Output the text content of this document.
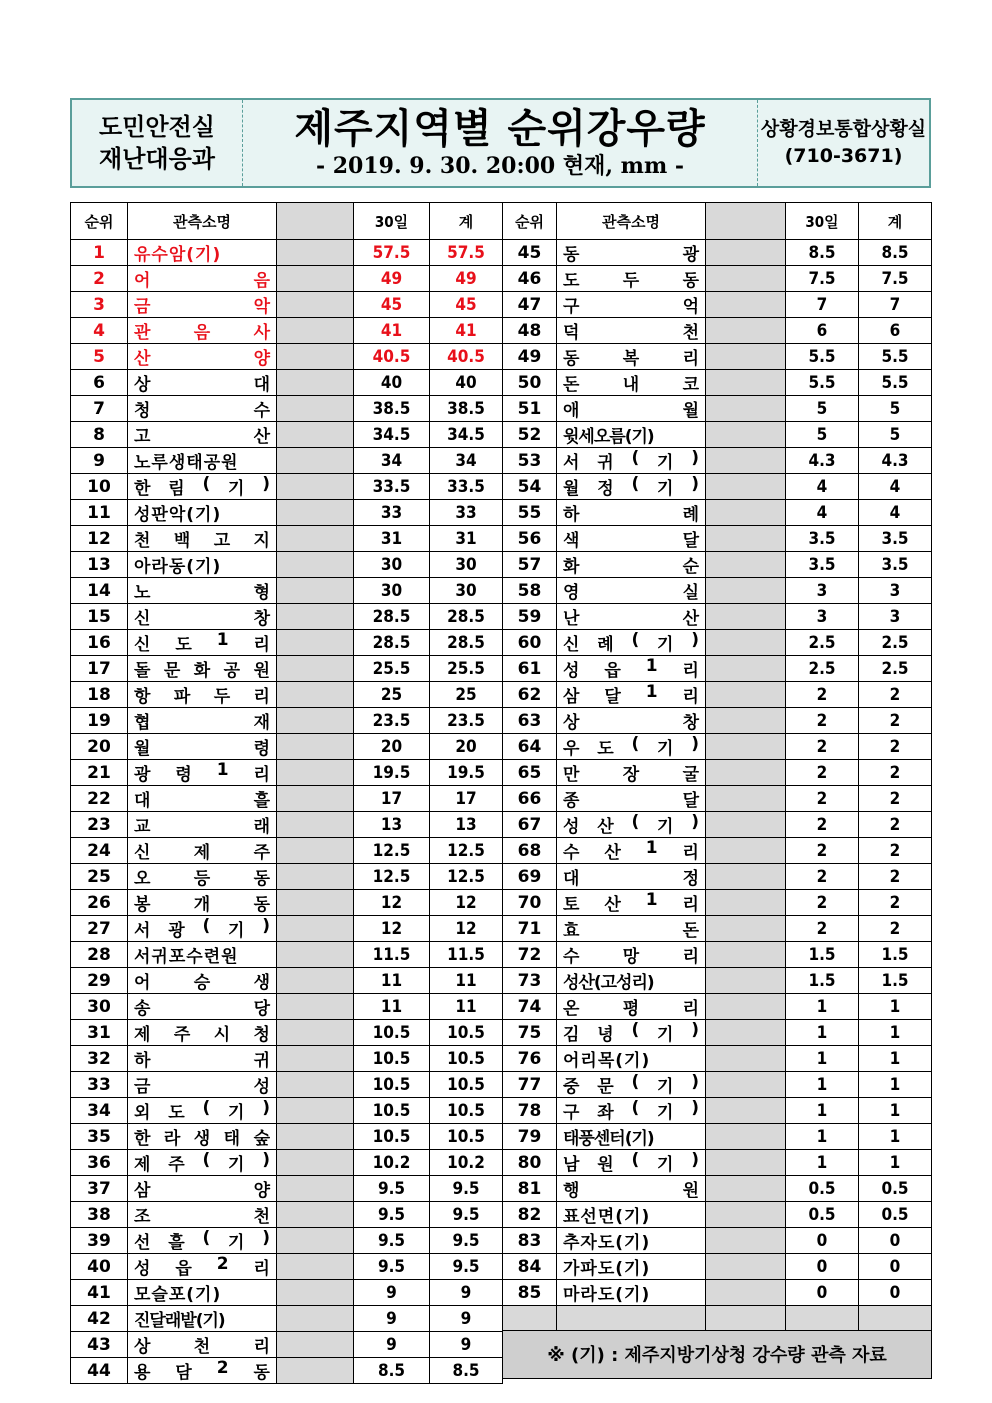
도민안전실
재난대응과
제주지역별 순위강우량
- 2019. 9. 30. 20:00 현재, mm -
상황경보통합상황실
(710-3671)
순위	관측소명		30일	계
1	유수암(기)		57.5	57.5
2	어 음		49	49
3	금 악		45	45
4	관 음 사		41	41
5	산 양		40.5	40.5
6	상 대		40	40
7	청 수		38.5	38.5
8	고 산		34.5	34.5
9	노루생태공원		34	34
10	한 림 ( 기 )		33.5	33.5
11	성판악(기)		33	33
12	천 백 고 지		31	31
13	아라동(기)		30	30
14	노 형		30	30
15	신 창		28.5	28.5
16	신 도 1 리		28.5	28.5
17	돌 문 화 공 원		25.5	25.5
18	항 파 두 리		25	25
19	협 재		23.5	23.5
20	월 령		20	20
21	광 령 1 리		19.5	19.5
22	대 흘		17	17
23	교 래		13	13
24	신 제 주		12.5	12.5
25	오 등 동		12.5	12.5
26	봉 개 동		12	12
27	서 광 ( 기 )		12	12
28	서귀포수련원		11.5	11.5
29	어 승 생		11	11
30	송 당		11	11
31	제 주 시 청		10.5	10.5
32	하 귀		10.5	10.5
33	금 성		10.5	10.5
34	외 도 ( 기 )		10.5	10.5
35	한 라 생 태 숲		10.5	10.5
36	제 주 ( 기 )		10.2	10.2
37	삼 양		9.5	9.5
38	조 천		9.5	9.5
39	선 흘 ( 기 )		9.5	9.5
40	성 읍 2 리		9.5	9.5
41	모슬포(기)		9	9
42	진달래밭(기)		9	9
43	상 천 리		9	9
44	용 담 2 동		8.5	8.5
순위	관측소명		30일	계
45	동 광		8.5	8.5
46	도 두 동		7.5	7.5
47	구 억		7	7
48	덕 천		6	6
49	동 복 리		5.5	5.5
50	돈 내 코		5.5	5.5
51	애 월		5	5
52	윗세오름(기)		5	5
53	서 귀 ( 기 )		4.3	4.3
54	월 정 ( 기 )		4	4
55	하 례		4	4
56	색 달		3.5	3.5
57	화 순		3.5	3.5
58	영 실		3	3
59	난 산		3	3
60	신 례 ( 기 )		2.5	2.5
61	성 읍 1 리		2.5	2.5
62	삼 달 1 리		2	2
63	상 창		2	2
64	우 도 ( 기 )		2	2
65	만 장 굴		2	2
66	종 달		2	2
67	성 산 ( 기 )		2	2
68	수 산 1 리		2	2
69	대 정		2	2
70	토 산 1 리		2	2
71	효 돈		2	2
72	수 망 리		1.5	1.5
73	성산(고성리)		1.5	1.5
74	온 평 리		1	1
75	김 녕 ( 기 )		1	1
76	어리목(기)		1	1
77	중 문 ( 기 )		1	1
78	구 좌 ( 기 )		1	1
79	태풍센터(기)		1	1
80	남 원 ( 기 )		1	1
81	행 원		0.5	0.5
82	표선면(기)		0.5	0.5
83	추자도(기)		0	0
84	가파도(기)		0	0
85	마라도(기)		0	0

※ (기) : 제주지방기상청 강수량 관측 자료				
